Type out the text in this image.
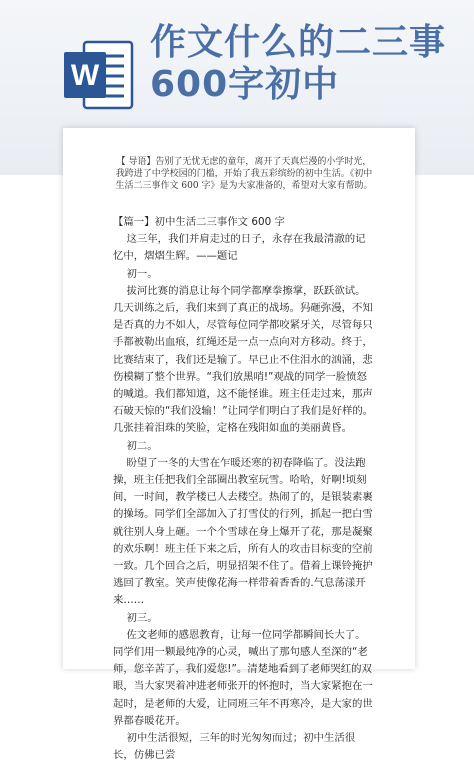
W
作文什么的二三事
600字初中
【 导语】告别了无忧无虑的童年，离开了天真烂漫的小学时光，我跨进了中学校园的门槛，开始了我五彩缤纷的初中生活。《初中生活二三事作文 600 字》是为大家准备的，希望对大家有帮助。

【篇一】初中生活二三事作文 600 字

这三年，我们并肩走过的日子，永存在我最清澈的记忆中，熠熠生辉。——题记

初一。

拔河比赛的消息让每个同学都摩拳擦掌，跃跃欲试。几天训练之后，我们来到了真正的战场。犸砸弥漫，不知是否真的力不如人，尽管每位同学都咬紧牙关，尽管每只手都被勒出血痕，红绳还是一点一点向对方移动。终于，比赛结束了，我们还是输了。早已止不住泪水的汹涌，悲伤模糊了整个世界。“我们放黑哨!”观战的同学一脸愤怒的喊道。我们都知道，这不能怪谁。班主任走过来，那声石破天惊的“我们没输！”让同学们明白了我们是好样的。几张挂着泪珠的笑脸，定格在残阳如血的美丽黄昏。

初二。

盼望了一冬的大雪在乍暖还寒的初春降临了。没法跑操，班主任把我们全部圈出教室玩雪。哈哈，好啊!顷刻间，一时间，教学楼已人去楼空。热闹了的，是银装素裹的操场。同学们全部加入了打雪仗的行列，抓起一把白雪就往别人身上砸。一个个雪球在身上爆开了花，那是凝聚的欢乐啊！班主任下来之后，所有人的攻击目标变的空前一致。几个回合之后，明显招架不住了。借着上课铃掩护逃回了教室。笑声使像花海一样带着香香的.气息荡漾开来……

初三。

佐文老师的感恩教育，让每一位同学都瞬间长大了。同学们用一颗最纯净的心灵，喊出了那句感人至深的“老师，您辛苦了，我们爱您!”。清楚地看到了老师哭红的双眼，当大家哭着冲进老师张开的怀抱时，当大家紧抱在一起时，是老师的大爱，让同班三年不再寒冷，是大家的世界都春暖花开。

初中生活很短，三年的时光匆匆而过；初中生活很长，仿佛已尝
